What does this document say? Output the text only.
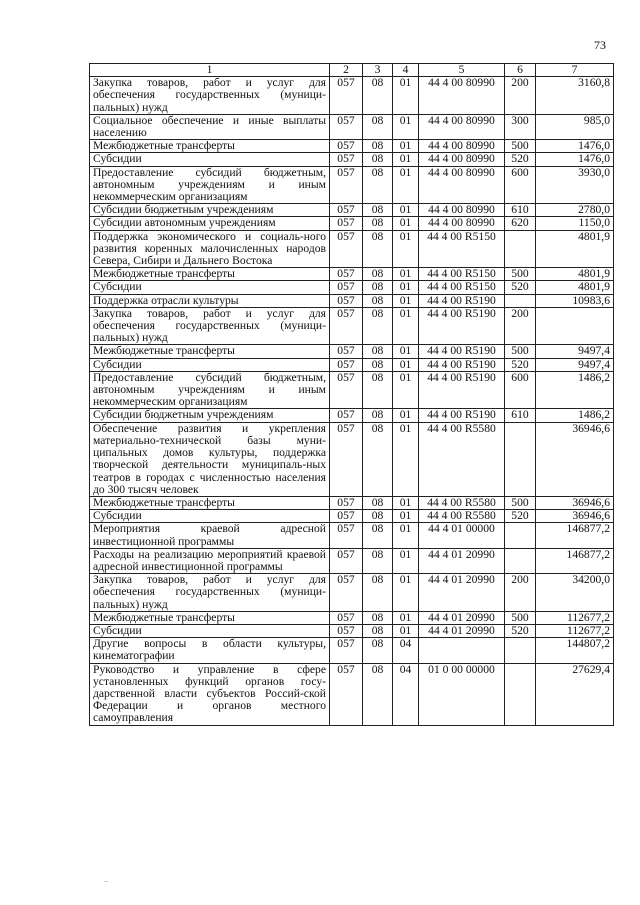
73
1	2	3	4	5	6	7
Закупка товаров, работ и услуг для обеспечения государственных (муници-пальных) нужд	057	08	01	44 4 00 80990	200	3160,8
Социальное обеспечение и иные выплаты населению	057	08	01	44 4 00 80990	300	985,0
Межбюджетные трансферты	057	08	01	44 4 00 80990	500	1476,0
Субсидии	057	08	01	44 4 00 80990	520	1476,0
Предоставление субсидий бюджетным, автономным учреждениям и иным некоммерческим организациям	057	08	01	44 4 00 80990	600	3930,0
Субсидии бюджетным учреждениям	057	08	01	44 4 00 80990	610	2780,0
Субсидии автономным учреждениям	057	08	01	44 4 00 80990	620	1150,0
Поддержка экономического и социаль-ного развития коренных малочисленных народов Севера, Сибири и Дальнего Востока	057	08	01	44 4 00 R5150		4801,9
Межбюджетные трансферты	057	08	01	44 4 00 R5150	500	4801,9
Субсидии	057	08	01	44 4 00 R5150	520	4801,9
Поддержка отрасли культуры	057	08	01	44 4 00 R5190		10983,6
Закупка товаров, работ и услуг для обеспечения государственных (муници-пальных) нужд	057	08	01	44 4 00 R5190	200	
Межбюджетные трансферты	057	08	01	44 4 00 R5190	500	9497,4
Субсидии	057	08	01	44 4 00 R5190	520	9497,4
Предоставление субсидий бюджетным, автономным учреждениям и иным некоммерческим организациям	057	08	01	44 4 00 R5190	600	1486,2
Субсидии бюджетным учреждениям	057	08	01	44 4 00 R5190	610	1486,2
Обеспечение развития и укрепления материально-технической базы муни-ципальных домов культуры, поддержка творческой деятельности муниципаль-ных театров в городах с численностью населения до 300 тысяч человек	057	08	01	44 4 00 R5580		36946,6
Межбюджетные трансферты	057	08	01	44 4 00 R5580	500	36946,6
Субсидии	057	08	01	44 4 00 R5580	520	36946,6
Мероприятия краевой адресной инвестиционной программы	057	08	01	44 4 01 00000		146877,2
Расходы на реализацию мероприятий краевой адресной инвестиционной программы	057	08	01	44 4 01 20990		146877,2
Закупка товаров, работ и услуг для обеспечения государственных (муници-пальных) нужд	057	08	01	44 4 01 20990	200	34200,0
Межбюджетные трансферты	057	08	01	44 4 01 20990	500	112677,2
Субсидии	057	08	01	44 4 01 20990	520	112677,2
Другие вопросы в области культуры, кинематографии	057	08	04			144807,2
Руководство и управление в сфере установленных функций органов госу-дарственной власти субъектов Россий-ской Федерации и органов местного самоуправления	057	08	04	01 0 00 00000		27629,4
..
